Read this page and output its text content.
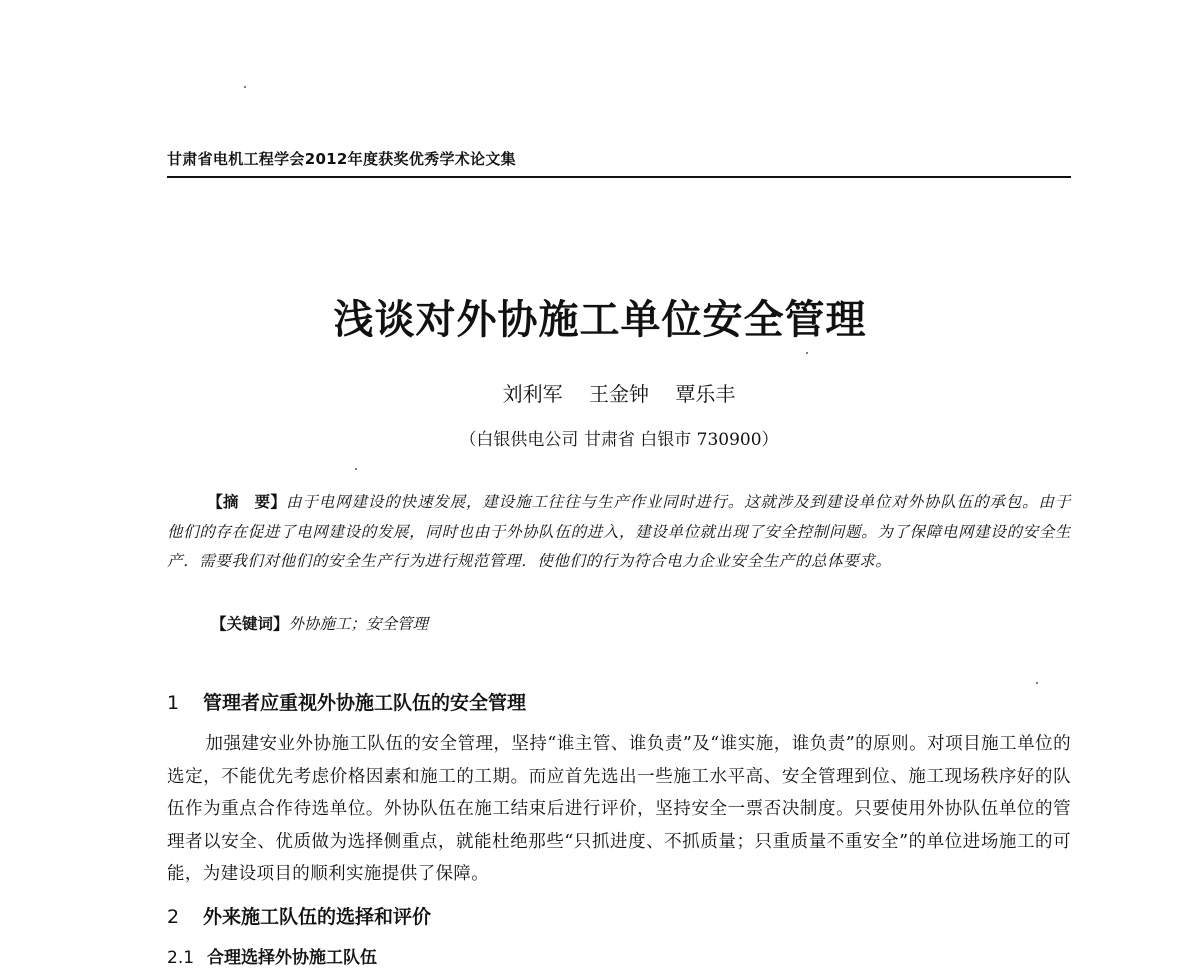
甘肃省电机工程学会2012年度获奖优秀学术论文集
浅谈对外协施工单位安全管理
刘利军 王金钟 覃乐丰
（白银供电公司 甘肃省 白银市 730900）
【摘　要】由于电网建设的快速发展，建设施工往往与生产作业同时进行。这就涉及到建设单位对外协队伍的承包。由于他们的存在促进了电网建设的发展，同时也由于外协队伍的进入，建设单位就出现了安全控制问题。为了保障电网建设的安全生产．需要我们对他们的安全生产行为进行规范管理．使他们的行为符合电力企业安全生产的总体要求。
【关键词】外协施工；安全管理
1 管理者应重视外协施工队伍的安全管理
加强建安业外协施工队伍的安全管理，坚持“谁主管、谁负责”及“谁实施，谁负责”的原则。对项目施工单位的选定，不能优先考虑价格因素和施工的工期。而应首先选出一些施工水平高、安全管理到位、施工现场秩序好的队伍作为重点合作待选单位。外协队伍在施工结束后进行评价，坚持安全一票否决制度。只要使用外协队伍单位的管理者以安全、优质做为选择侧重点，就能杜绝那些“只抓进度、不抓质量；只重质量不重安全”的单位进场施工的可能，为建设项目的顺利实施提供了保障。
2 外来施工队伍的选择和评价
2.1 合理选择外协施工队伍
